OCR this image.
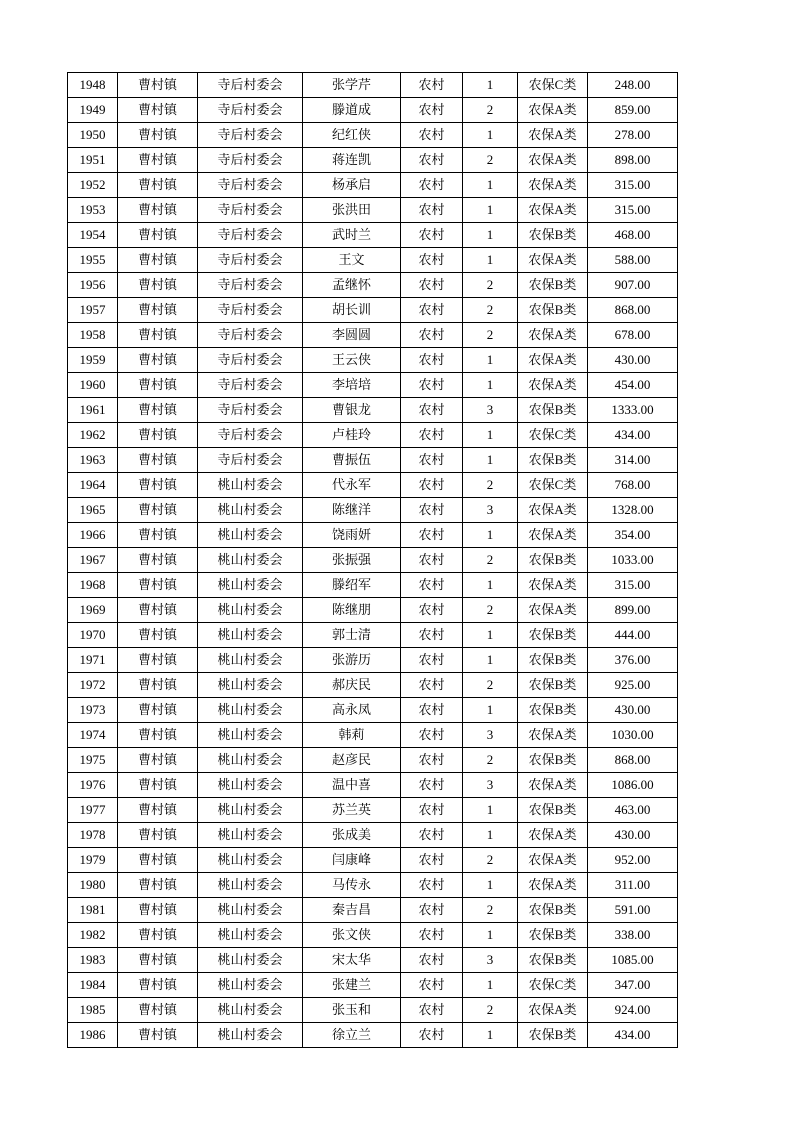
1948	曹村镇	寺后村委会	张学芹	农村	1	农保C类	248.00
1949	曹村镇	寺后村委会	滕道成	农村	2	农保A类	859.00
1950	曹村镇	寺后村委会	纪红侠	农村	1	农保A类	278.00
1951	曹村镇	寺后村委会	蒋连凯	农村	2	农保A类	898.00
1952	曹村镇	寺后村委会	杨承启	农村	1	农保A类	315.00
1953	曹村镇	寺后村委会	张洪田	农村	1	农保A类	315.00
1954	曹村镇	寺后村委会	武时兰	农村	1	农保B类	468.00
1955	曹村镇	寺后村委会	王文	农村	1	农保A类	588.00
1956	曹村镇	寺后村委会	孟继怀	农村	2	农保B类	907.00
1957	曹村镇	寺后村委会	胡长训	农村	2	农保B类	868.00
1958	曹村镇	寺后村委会	李圆圆	农村	2	农保A类	678.00
1959	曹村镇	寺后村委会	王云侠	农村	1	农保A类	430.00
1960	曹村镇	寺后村委会	李培培	农村	1	农保A类	454.00
1961	曹村镇	寺后村委会	曹银龙	农村	3	农保B类	1333.00
1962	曹村镇	寺后村委会	卢桂玲	农村	1	农保C类	434.00
1963	曹村镇	寺后村委会	曹振伍	农村	1	农保B类	314.00
1964	曹村镇	桃山村委会	代永军	农村	2	农保C类	768.00
1965	曹村镇	桃山村委会	陈继洋	农村	3	农保A类	1328.00
1966	曹村镇	桃山村委会	饶雨妍	农村	1	农保A类	354.00
1967	曹村镇	桃山村委会	张振强	农村	2	农保B类	1033.00
1968	曹村镇	桃山村委会	滕绍军	农村	1	农保A类	315.00
1969	曹村镇	桃山村委会	陈继朋	农村	2	农保A类	899.00
1970	曹村镇	桃山村委会	郭士清	农村	1	农保B类	444.00
1971	曹村镇	桃山村委会	张游历	农村	1	农保B类	376.00
1972	曹村镇	桃山村委会	郝庆民	农村	2	农保B类	925.00
1973	曹村镇	桃山村委会	高永凤	农村	1	农保B类	430.00
1974	曹村镇	桃山村委会	韩莉	农村	3	农保A类	1030.00
1975	曹村镇	桃山村委会	赵彦民	农村	2	农保B类	868.00
1976	曹村镇	桃山村委会	温中喜	农村	3	农保A类	1086.00
1977	曹村镇	桃山村委会	苏兰英	农村	1	农保B类	463.00
1978	曹村镇	桃山村委会	张成美	农村	1	农保A类	430.00
1979	曹村镇	桃山村委会	闫康峰	农村	2	农保A类	952.00
1980	曹村镇	桃山村委会	马传永	农村	1	农保A类	311.00
1981	曹村镇	桃山村委会	秦吉昌	农村	2	农保B类	591.00
1982	曹村镇	桃山村委会	张文侠	农村	1	农保B类	338.00
1983	曹村镇	桃山村委会	宋太华	农村	3	农保B类	1085.00
1984	曹村镇	桃山村委会	张建兰	农村	1	农保C类	347.00
1985	曹村镇	桃山村委会	张玉和	农村	2	农保A类	924.00
1986	曹村镇	桃山村委会	徐立兰	农村	1	农保B类	434.00
